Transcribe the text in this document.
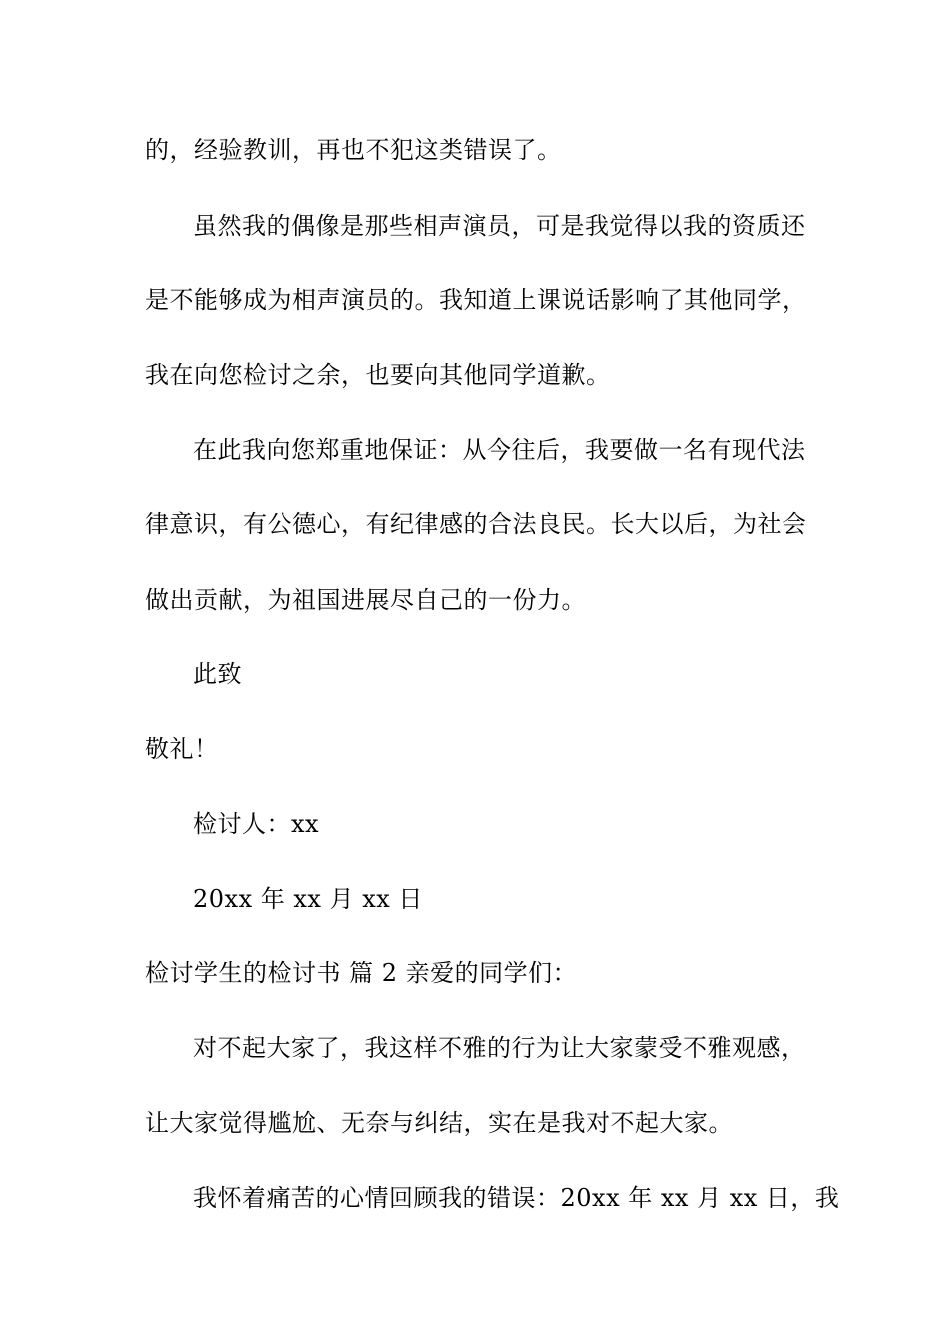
的，经验教训，再也不犯这类错误了。
虽然我的偶像是那些相声演员，可是我觉得以我的资质还
是不能够成为相声演员的。我知道上课说话影响了其他同学，
我在向您检讨之余，也要向其他同学道歉。
在此我向您郑重地保证：从今往后，我要做一名有现代法
律意识，有公德心，有纪律感的合法良民。长大以后，为社会
做出贡献，为祖国进展尽自己的一份力。
此致
敬礼！
检讨人：xx
20xx 年 xx 月 xx 日
检讨学生的检讨书 篇 2 亲爱的同学们：
对不起大家了，我这样不雅的行为让大家蒙受不雅观感，
让大家觉得尴尬、无奈与纠结，实在是我对不起大家。
我怀着痛苦的心情回顾我的错误：20xx 年 xx 月 xx 日，我
